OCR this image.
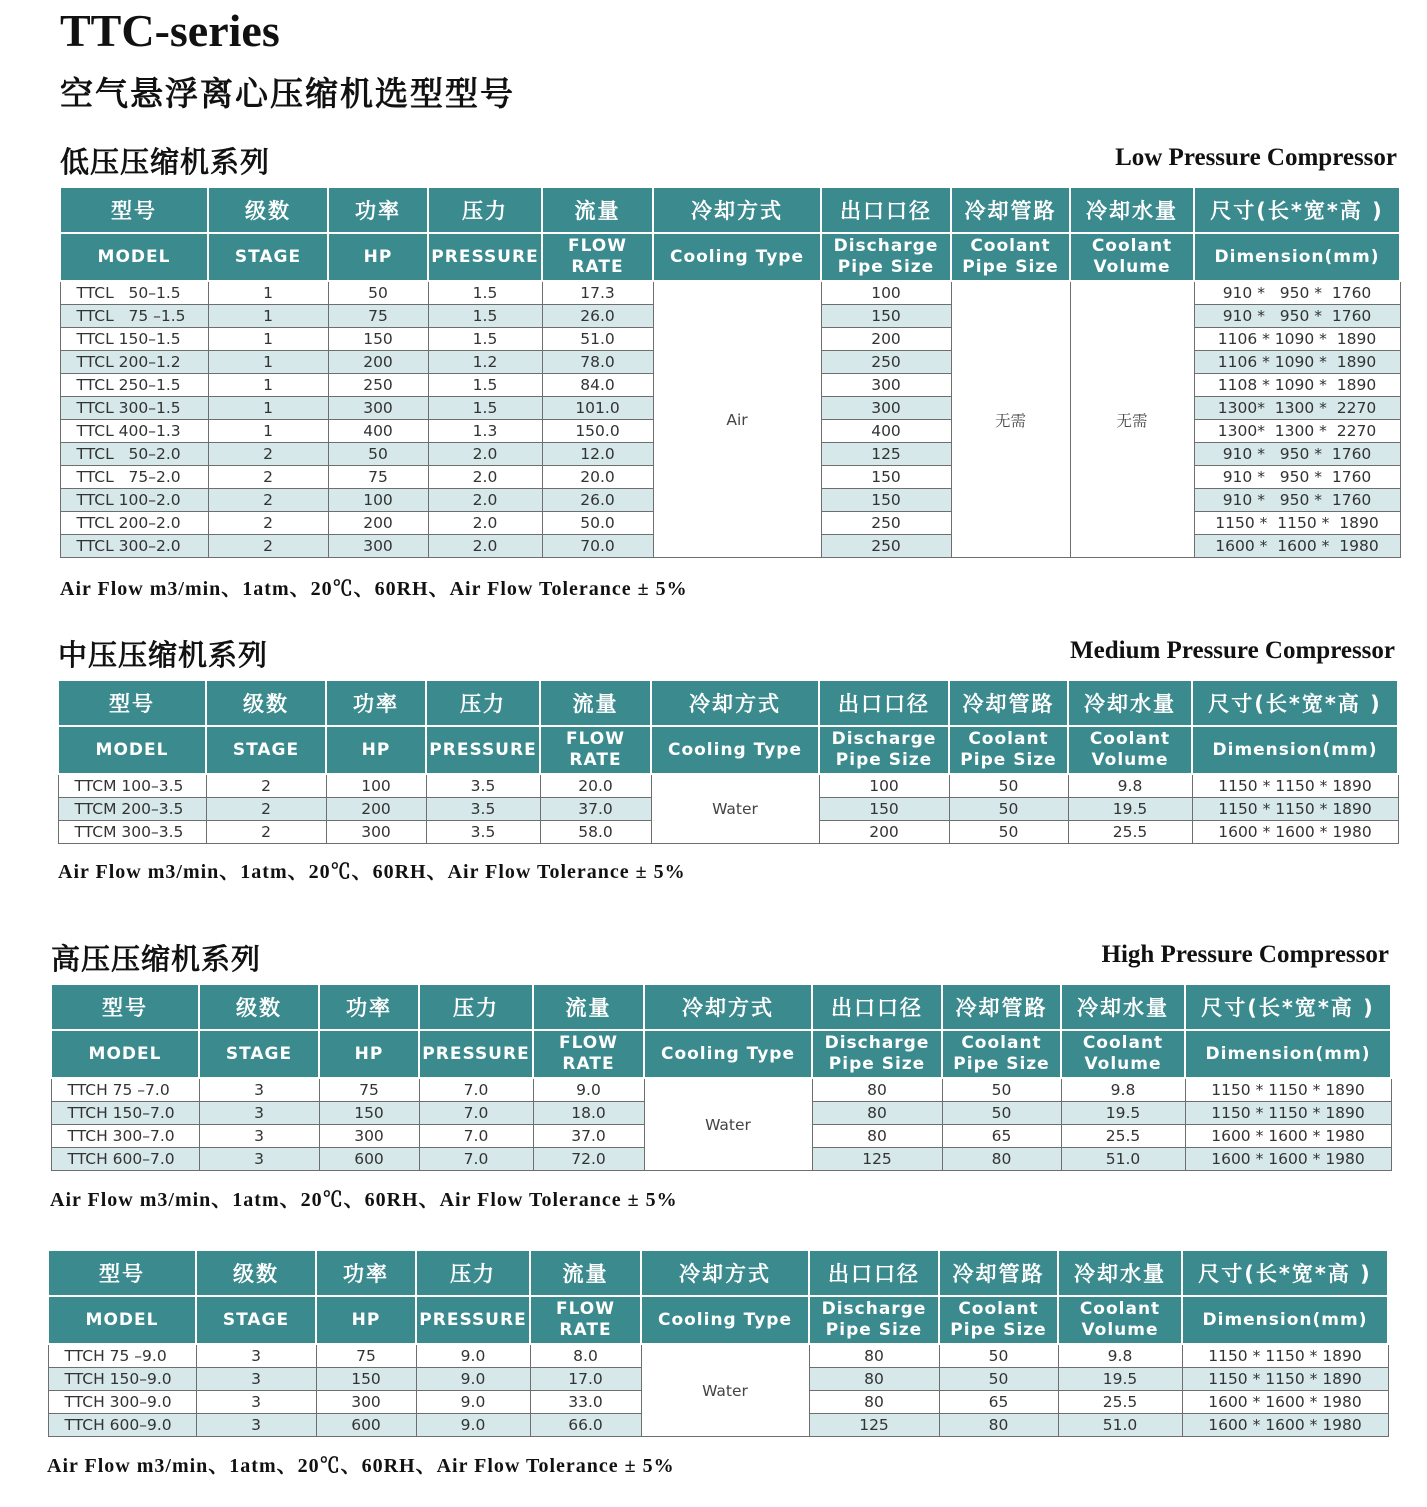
TTC-series
空气悬浮离心压缩机选型型号
低压压缩机系列	Low Pressure Compressor
型号	级数	功率	压力	流量	冷却方式	出口口径	冷却管路	冷却水量	尺寸(长*宽*高 )
MODEL	STAGE	HP	PRESSURE	FLOW RATE	Cooling Type	Discharge Pipe Size	Coolant Pipe Size	Coolant Volume	Dimension(mm)
TTCL   50–1.5	1	50	1.5	17.3	Air	100	无需	无需	910 *   950 *  1760
TTCL   75 –1.5	1	75	1.5	26.0		150			910 *   950 *  1760
TTCL 150–1.5	1	150	1.5	51.0		200			1106 * 1090 *  1890
TTCL 200–1.2	1	200	1.2	78.0		250			1106 * 1090 *  1890
TTCL 250–1.5	1	250	1.5	84.0		300			1108 * 1090 *  1890
TTCL 300–1.5	1	300	1.5	101.0		300			1300*  1300 *  2270
TTCL 400–1.3	1	400	1.3	150.0		400			1300*  1300 *  2270
TTCL   50–2.0	2	50	2.0	12.0		125			910 *   950 *  1760
TTCL   75–2.0	2	75	2.0	20.0		150			910 *   950 *  1760
TTCL 100–2.0	2	100	2.0	26.0		150			910 *   950 *  1760
TTCL 200–2.0	2	200	2.0	50.0		250			1150 *  1150 *  1890
TTCL 300–2.0	2	300	2.0	70.0		250			1600 *  1600 *  1980
Air Flow m3/min、1atm、20℃、60RH、Air Flow Tolerance ± 5%
中压压缩机系列	Medium Pressure Compressor
型号	级数	功率	压力	流量	冷却方式	出口口径	冷却管路	冷却水量	尺寸(长*宽*高 )
MODEL	STAGE	HP	PRESSURE	FLOW RATE	Cooling Type	Discharge Pipe Size	Coolant Pipe Size	Coolant Volume	Dimension(mm)
TTCM 100–3.5	2	100	3.5	20.0	Water	100	50	9.8	1150 * 1150 * 1890
TTCM 200–3.5	2	200	3.5	37.0		150	50	19.5	1150 * 1150 * 1890
TTCM 300–3.5	2	300	3.5	58.0		200	50	25.5	1600 * 1600 * 1980
Air Flow m3/min、1atm、20℃、60RH、Air Flow Tolerance ± 5%
高压压缩机系列	High Pressure Compressor
型号	级数	功率	压力	流量	冷却方式	出口口径	冷却管路	冷却水量	尺寸(长*宽*高 )
MODEL	STAGE	HP	PRESSURE	FLOW RATE	Cooling Type	Discharge Pipe Size	Coolant Pipe Size	Coolant Volume	Dimension(mm)
TTCH 75 –7.0	3	75	7.0	9.0	Water	80	50	9.8	1150 * 1150 * 1890
TTCH 150–7.0	3	150	7.0	18.0		80	50	19.5	1150 * 1150 * 1890
TTCH 300–7.0	3	300	7.0	37.0		80	65	25.5	1600 * 1600 * 1980
TTCH 600–7.0	3	600	7.0	72.0		125	80	51.0	1600 * 1600 * 1980
Air Flow m3/min、1atm、20℃、60RH、Air Flow Tolerance ± 5%
型号	级数	功率	压力	流量	冷却方式	出口口径	冷却管路	冷却水量	尺寸(长*宽*高 )
MODEL	STAGE	HP	PRESSURE	FLOW RATE	Cooling Type	Discharge Pipe Size	Coolant Pipe Size	Coolant Volume	Dimension(mm)
TTCH 75 –9.0	3	75	9.0	8.0	Water	80	50	9.8	1150 * 1150 * 1890
TTCH 150–9.0	3	150	9.0	17.0		80	50	19.5	1150 * 1150 * 1890
TTCH 300–9.0	3	300	9.0	33.0		80	65	25.5	1600 * 1600 * 1980
TTCH 600–9.0	3	600	9.0	66.0		125	80	51.0	1600 * 1600 * 1980
Air Flow m3/min、1atm、20℃、60RH、Air Flow Tolerance ± 5%
